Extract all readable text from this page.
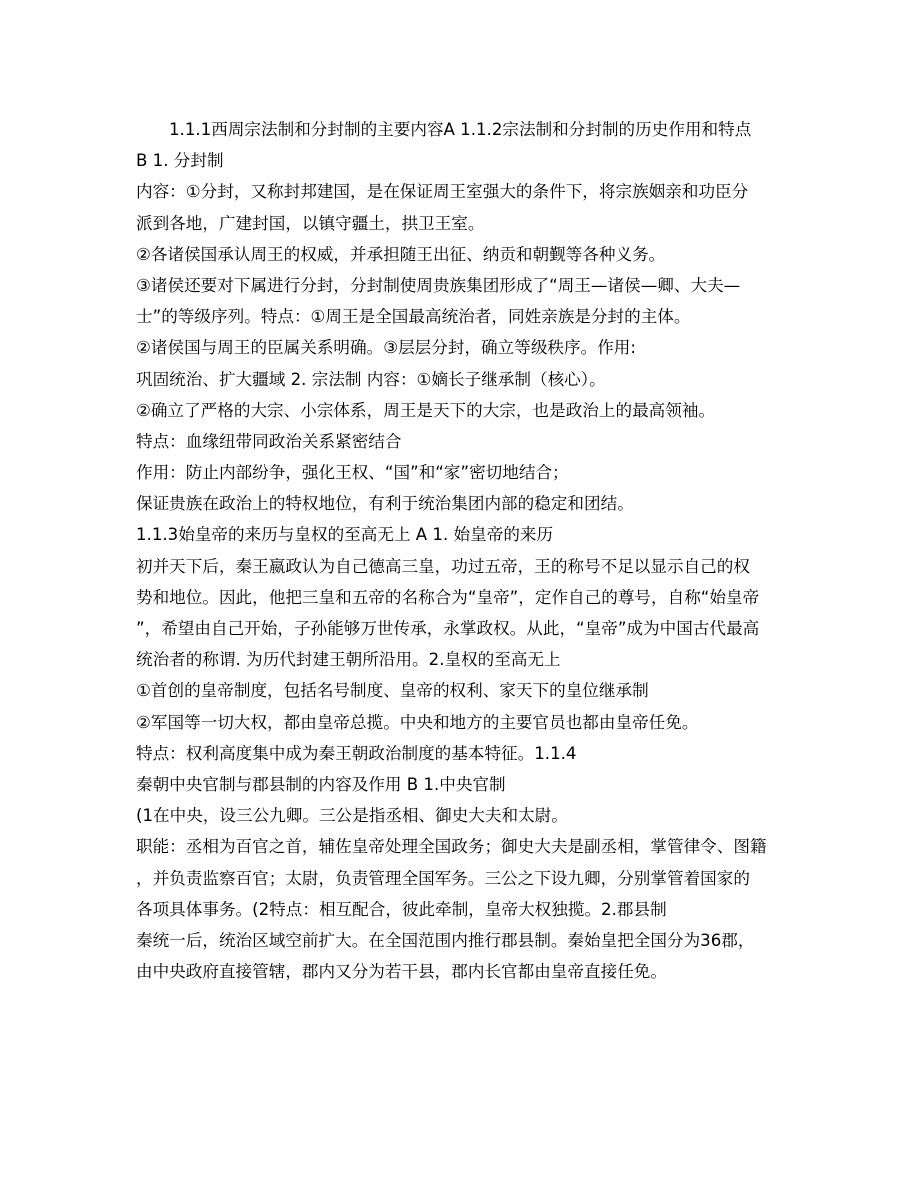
1.1.1西周宗法制和分封制的主要内容A 1.1.2宗法制和分封制的历史作用和特点
B 1. 分封制
内容：①分封，又称封邦建国，是在保证周王室强大的条件下，将宗族姻亲和功臣分
派到各地，广建封国，以镇守疆土，拱卫王室。
②各诸侯国承认周王的权威，并承担随王出征、纳贡和朝觐等各种义务。
③诸侯还要对下属进行分封，分封制使周贵族集团形成了“周王—诸侯—卿、大夫—
士”的等级序列。特点：①周王是全国最高统治者，同姓亲族是分封的主体。
②诸侯国与周王的臣属关系明确。③层层分封，确立等级秩序。作用:
巩固统治、扩大疆域 2. 宗法制 内容：①嫡长子继承制（核心）。
②确立了严格的大宗、小宗体系，周王是天下的大宗，也是政治上的最高领袖。
特点：血缘纽带同政治关系紧密结合
作用：防止内部纷争，强化王权、“国”和“家”密切地结合；
保证贵族在政治上的特权地位，有利于统治集团内部的稳定和团结。
1.1.3始皇帝的来历与皇权的至高无上 A 1. 始皇帝的来历
初并天下后，秦王嬴政认为自己德高三皇，功过五帝，王的称号不足以显示自己的权
势和地位。因此，他把三皇和五帝的名称合为“皇帝”，定作自己的尊号，自称“始皇帝
”，希望由自己开始，子孙能够万世传承，永掌政权。从此，“皇帝”成为中国古代最高
统治者的称谓. 为历代封建王朝所沿用。2.皇权的至高无上
①首创的皇帝制度，包括名号制度、皇帝的权利、家天下的皇位继承制
②军国等一切大权，都由皇帝总揽。中央和地方的主要官员也都由皇帝任免。
特点：权利高度集中成为秦王朝政治制度的基本特征。1.1.4
秦朝中央官制与郡县制的内容及作用 B 1.中央官制
(1在中央，设三公九卿。三公是指丞相、御史大夫和太尉。
职能：丞相为百官之首，辅佐皇帝处理全国政务；御史大夫是副丞相，掌管律令、图籍
，并负责监察百官；太尉，负责管理全国军务。三公之下设九卿，分别掌管着国家的
各项具体事务。(2特点：相互配合，彼此牵制，皇帝大权独揽。2.郡县制
秦统一后，统治区域空前扩大。在全国范围内推行郡县制。秦始皇把全国分为36郡，
由中央政府直接管辖，郡内又分为若干县，郡内长官都由皇帝直接任免。
